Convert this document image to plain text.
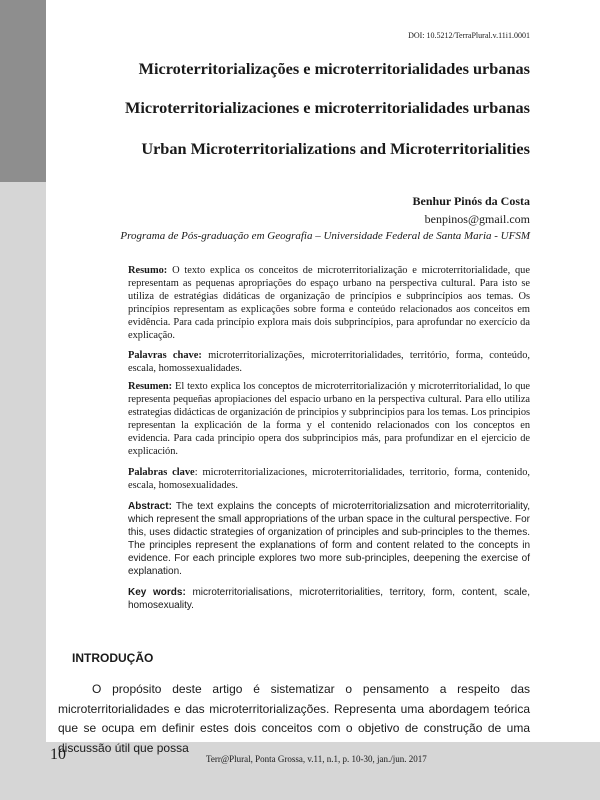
DOI: 10.5212/TerraPlural.v.11i1.0001
Microterritorializações e microterritorialidades urbanas
Microterritorializaciones e microterritorialidades urbanas
Urban Microterritorializations and Microterritorialities
Benhur Pinós da Costa
benpinos@gmail.com
Programa de Pós-graduação em Geografia – Universidade Federal de Santa Maria - UFSM
Resumo: O texto explica os conceitos de microterritorialização e microterritorialidade, que representam as pequenas apropriações do espaço urbano na perspectiva cultural. Para isto se utiliza de estratégias didáticas de organização de princípios e subprincípios aos temas. Os princípios representam as explicações sobre forma e conteúdo relacionados aos conceitos em evidência. Para cada princípio explora mais dois subprincípios, para aprofundar no exercício da explicação.
Palavras chave: microterritorializações, microterritorialidades, território, forma, conteúdo, escala, homossexualidades.
Resumen: El texto explica los conceptos de microterritorialización y microterritorialidad, lo que representa pequeñas apropiaciones del espacio urbano en la perspectiva cultural. Para ello utiliza estrategias didácticas de organización de principios y subprincipios para los temas. Los principios representan la explicación de la forma y el contenido relacionados con los conceptos en evidencia. Para cada principio opera dos subprincipios más, para profundizar en el ejercicio de explicación.
Palabras clave: microterritorializaciones, microterritorialidades, territorio, forma, contenido, escala, homosexualidades.
Abstract: The text explains the concepts of microterritorializsation and microterritoriality, which represent the small appropriations of the urban space in the cultural perspective. For this, uses didactic strategies of organization of principles and sub-principles to the themes. The principles represent the explanations of form and content related to the concepts in evidence. For each principle explores two more sub-principles, deepening the exercise of explanation.
Key words: microterritorialisations, microterritorialities, territory, form, content, scale, homosexuality.
INTRODUÇÃO
O propósito deste artigo é sistematizar o pensamento a respeito das microterritorialidades e das microterritorializações. Representa uma abordagem teórica que se ocupa em definir estes dois conceitos com o objetivo de construção de uma discussão útil que possa
10	Terr@Plural, Ponta Grossa, v.11, n.1, p. 10-30, jan./jun. 2017
